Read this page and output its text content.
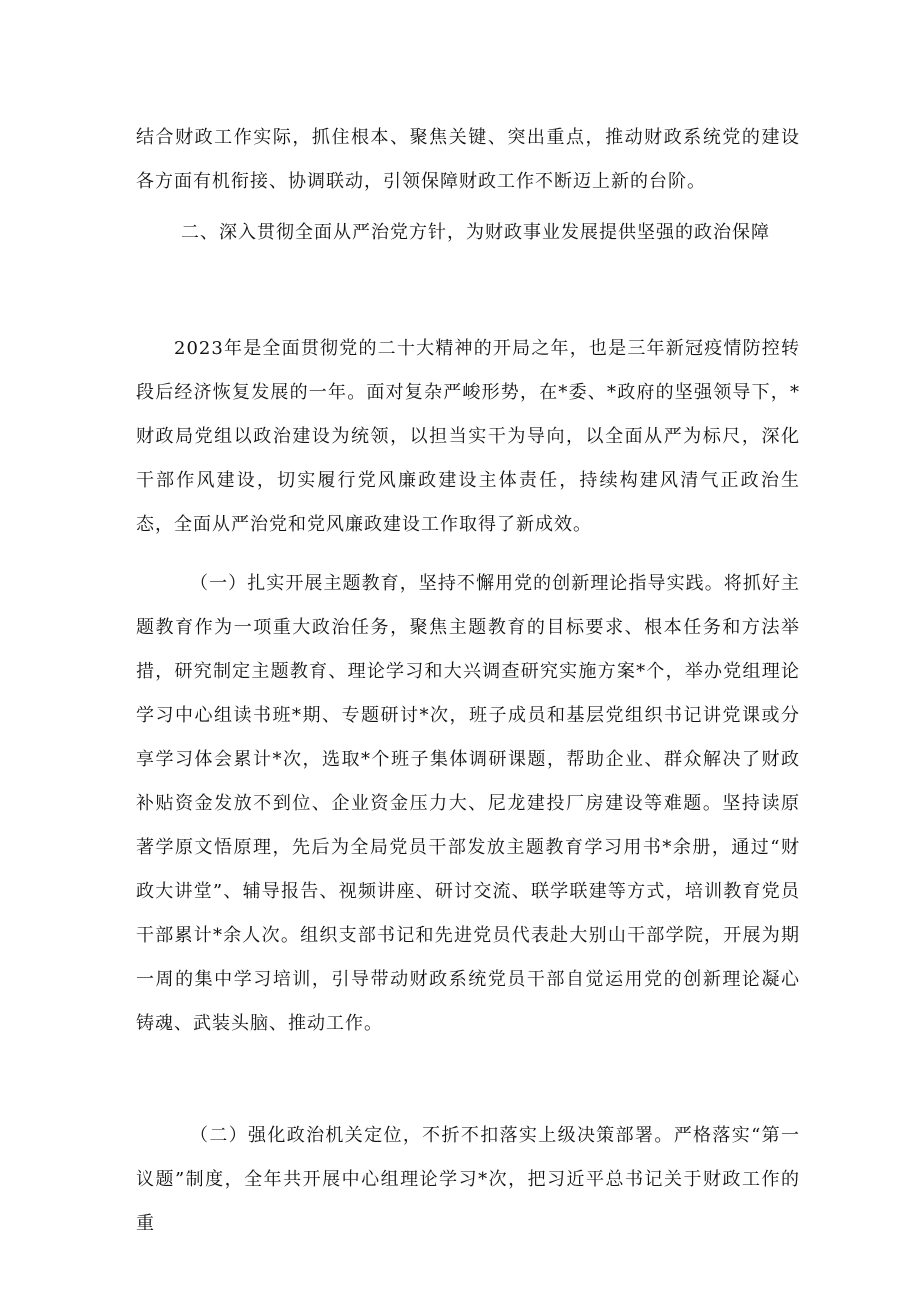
结合财政工作实际，抓住根本、聚焦关键、突出重点，推动财政系统党的建设各方面有机衔接、协调联动，引领保障财政工作不断迈上新的台阶。
二、深入贯彻全面从严治党方针，为财政事业发展提供坚强的政治保障
2023年是全面贯彻党的二十大精神的开局之年，也是三年新冠疫情防控转段后经济恢复发展的一年。面对复杂严峻形势，在*委、*政府的坚强领导下，*财政局党组以政治建设为统领，以担当实干为导向，以全面从严为标尺，深化干部作风建设，切实履行党风廉政建设主体责任，持续构建风清气正政治生态，全面从严治党和党风廉政建设工作取得了新成效。
（一）扎实开展主题教育，坚持不懈用党的创新理论指导实践。将抓好主题教育作为一项重大政治任务，聚焦主题教育的目标要求、根本任务和方法举措，研究制定主题教育、理论学习和大兴调查研究实施方案*个，举办党组理论学习中心组读书班*期、专题研讨*次，班子成员和基层党组织书记讲党课或分享学习体会累计*次，选取*个班子集体调研课题，帮助企业、群众解决了财政补贴资金发放不到位、企业资金压力大、尼龙建投厂房建设等难题。坚持读原著学原文悟原理，先后为全局党员干部发放主题教育学习用书*余册，通过“财政大讲堂”、辅导报告、视频讲座、研讨交流、联学联建等方式，培训教育党员干部累计*余人次。组织支部书记和先进党员代表赴大别山干部学院，开展为期一周的集中学习培训，引导带动财政系统党员干部自觉运用党的创新理论凝心铸魂、武装头脑、推动工作。
（二）强化政治机关定位，不折不扣落实上级决策部署。严格落实“第一议题”制度，全年共开展中心组理论学习*次，把习近平总书记关于财政工作的重
